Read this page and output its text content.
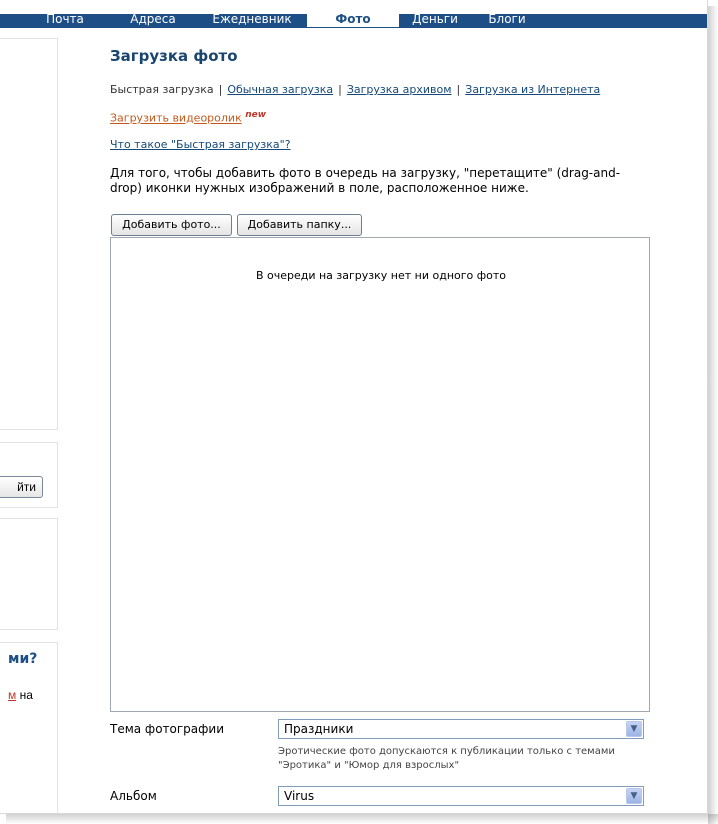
Почта	Адреса	Ежедневник	Фото	Деньги	Блоги
йти
ми?
м на
Загрузка фото
Быстрая загрузка | Обычная загрузка | Загрузка архивом | Загрузка из Интернета
Загрузить видеоролик $^{new}$
Что такое "Быстрая загрузка"?
Для того, чтобы добавить фото в очередь на загрузку, "перетащите" (drag-and-drop) иконки нужных изображений в поле, расположенное ниже.
Добавить фото...	Добавить папку...
В очереди на загрузку нет ни одного фото
Тема фотографии	Праздники	▼
Эротические фото допускаются к публикации только с темами "Эротика" и "Юмор для взрослых"
Альбом	Virus	▼
